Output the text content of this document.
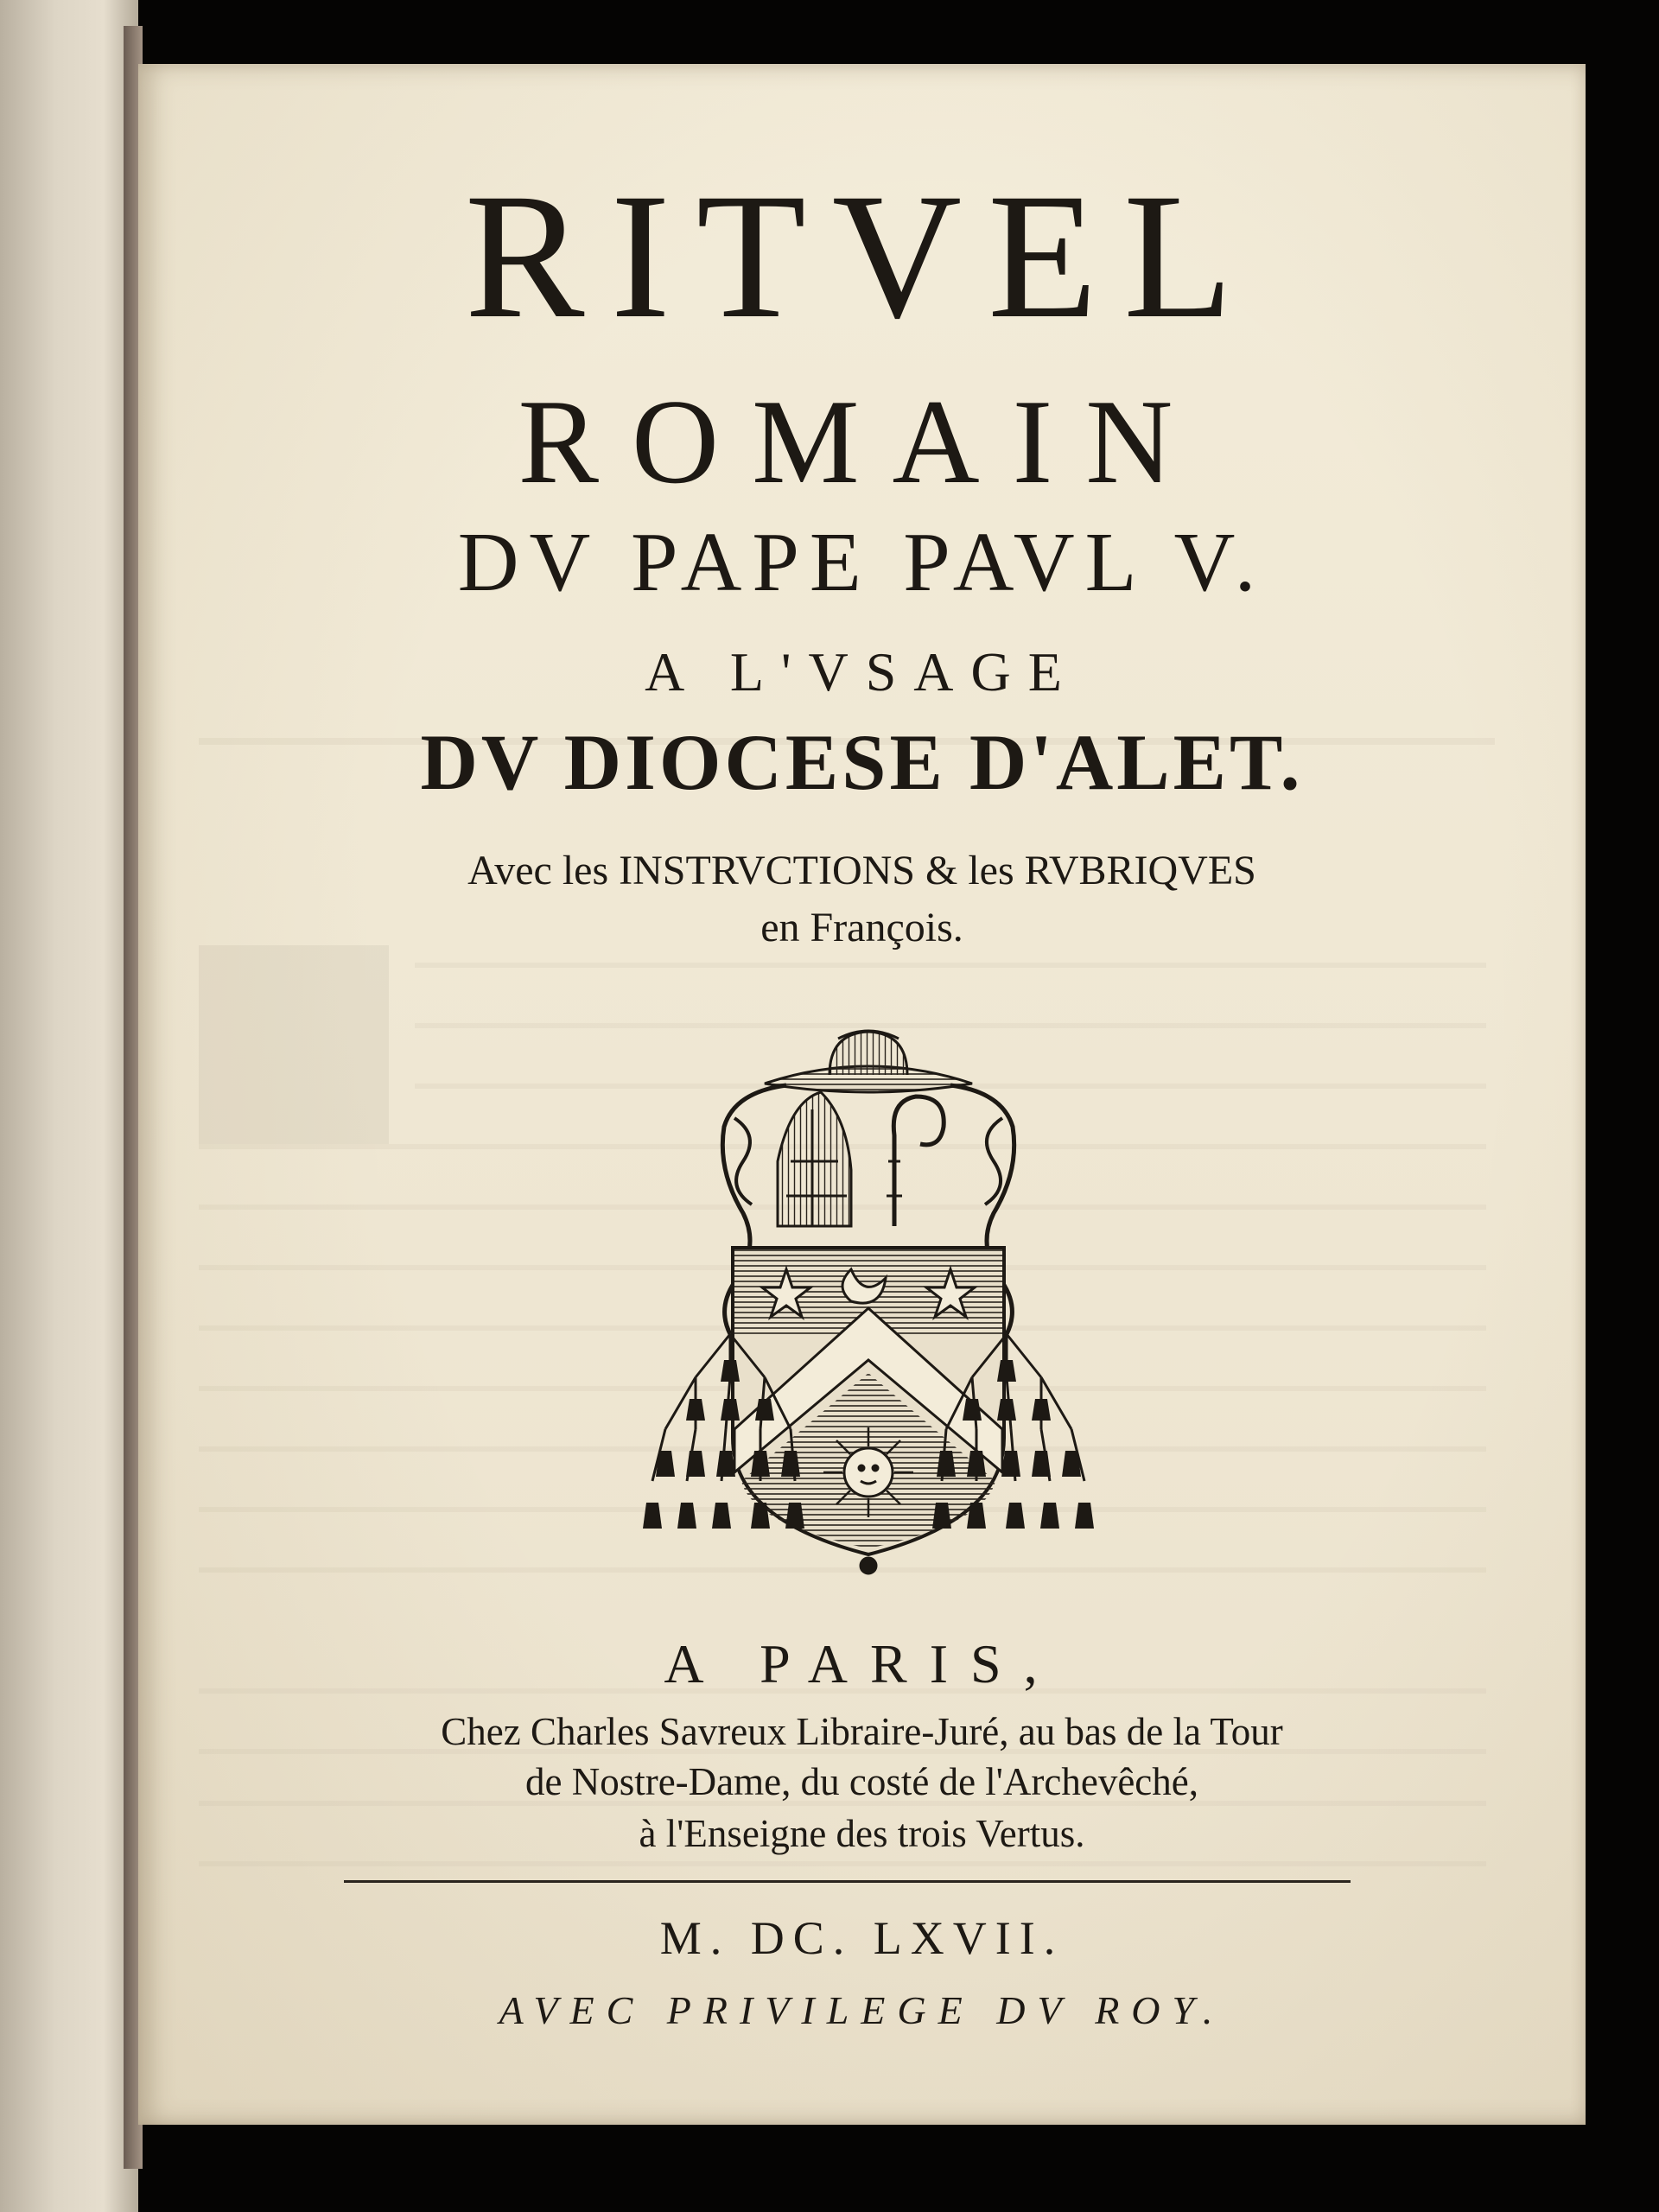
RITVEL

ROMAIN

DV PAPE PAVL V.

A L'VSAGE

DV DIOCESE D'ALET.

Avec les INSTRVCTIONS & les RVBRIQVES

en François.

A PARIS,

Chez Charles Savreux Libraire-Juré, au bas de la Tour

de Nostre-Dame, du costé de l'Archevêché,

à l'Enseigne des trois Vertus.

M. DC. LXVII.

AVEC PRIVILEGE DV ROY.
